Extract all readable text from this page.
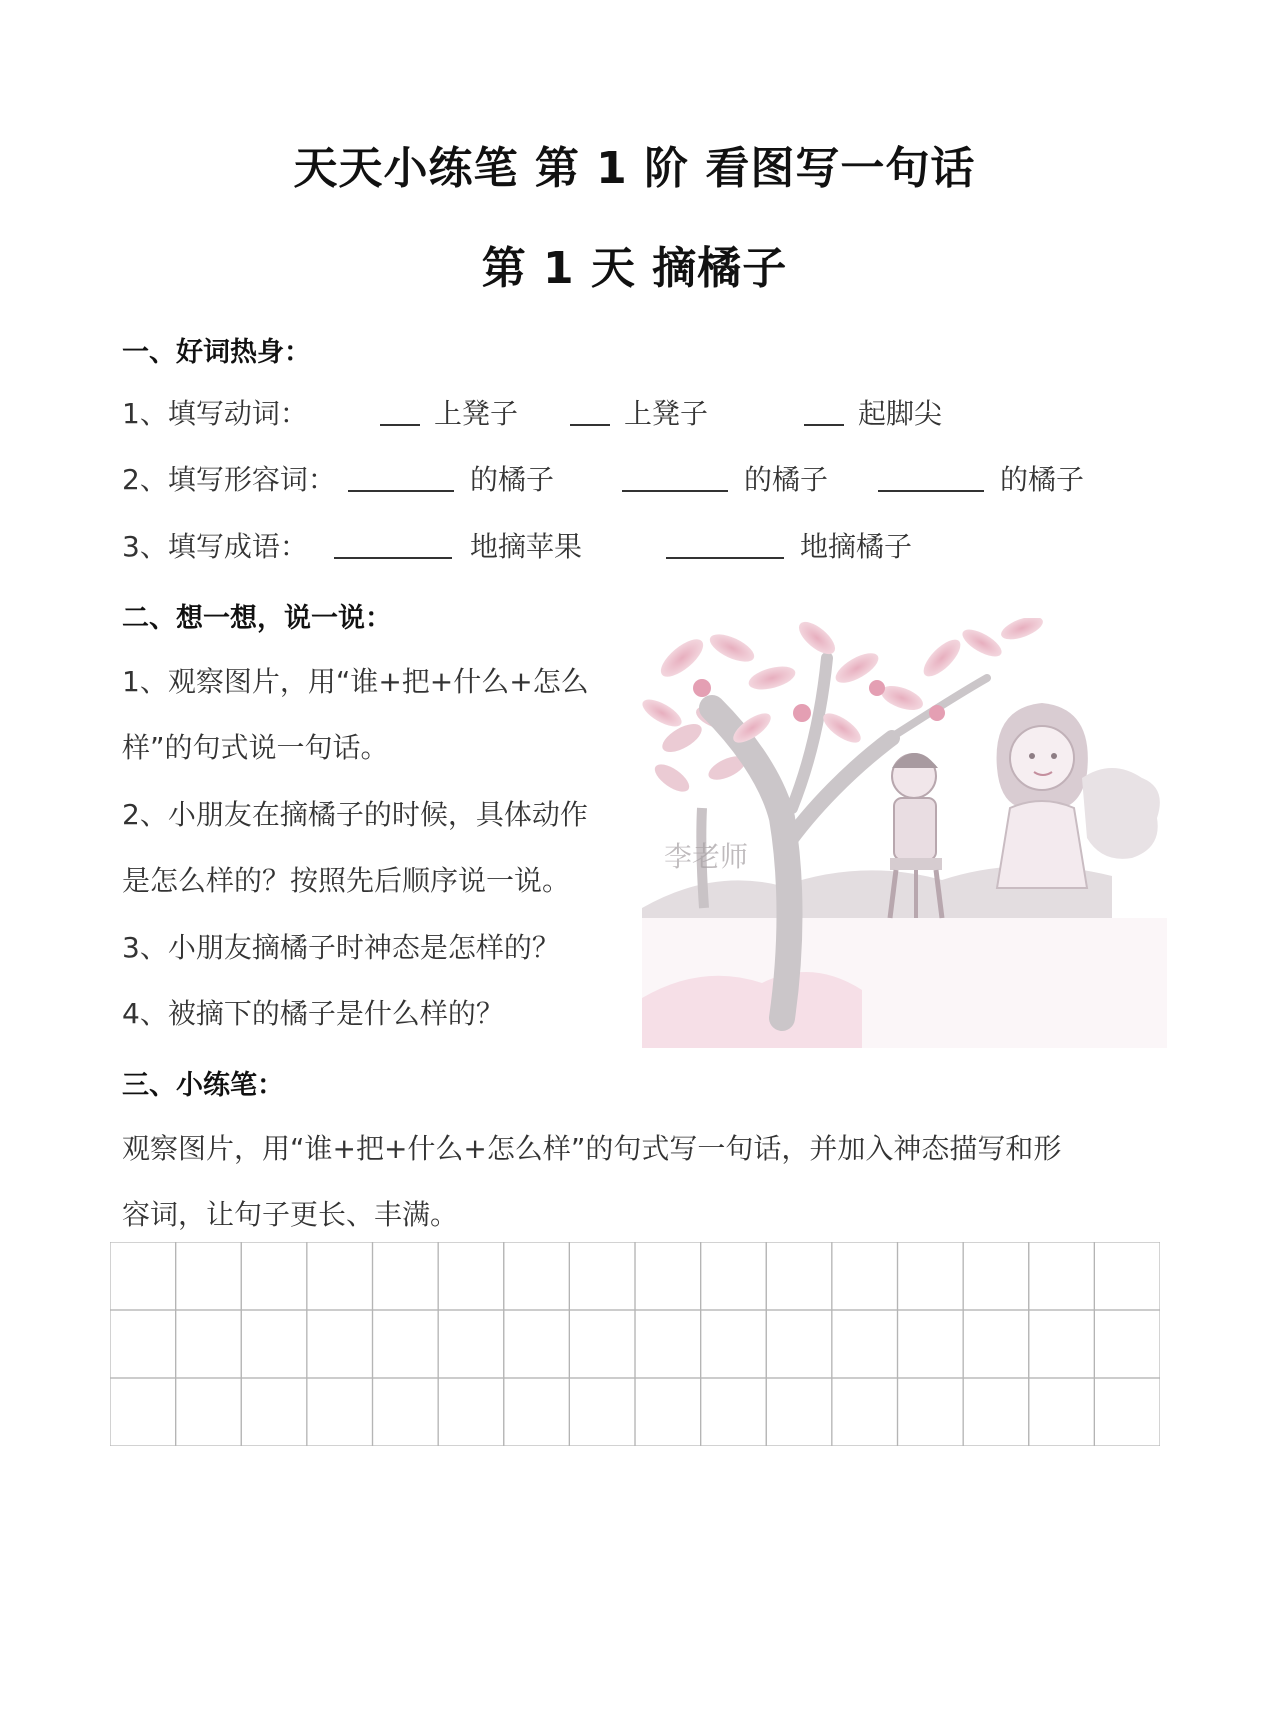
天天小练笔 第 1 阶 看图写一句话
第 1 天 摘橘子
一、好词热身：
1、填写动词：	上凳子	上凳子	起脚尖
2、填写形容词：	的橘子	的橘子	的橘子
3、填写成语：	地摘苹果	地摘橘子
二、想一想，说一说：
1、观察图片，用“谁+把+什么+怎么
样”的句式说一句话。
2、小朋友在摘橘子的时候，具体动作
是怎么样的？按照先后顺序说一说。
3、小朋友摘橘子时神态是怎样的？
4、被摘下的橘子是什么样的？
李老师
三、小练笔：
观察图片，用“谁+把+什么+怎么样”的句式写一句话，并加入神态描写和形
容词，让句子更长、丰满。
